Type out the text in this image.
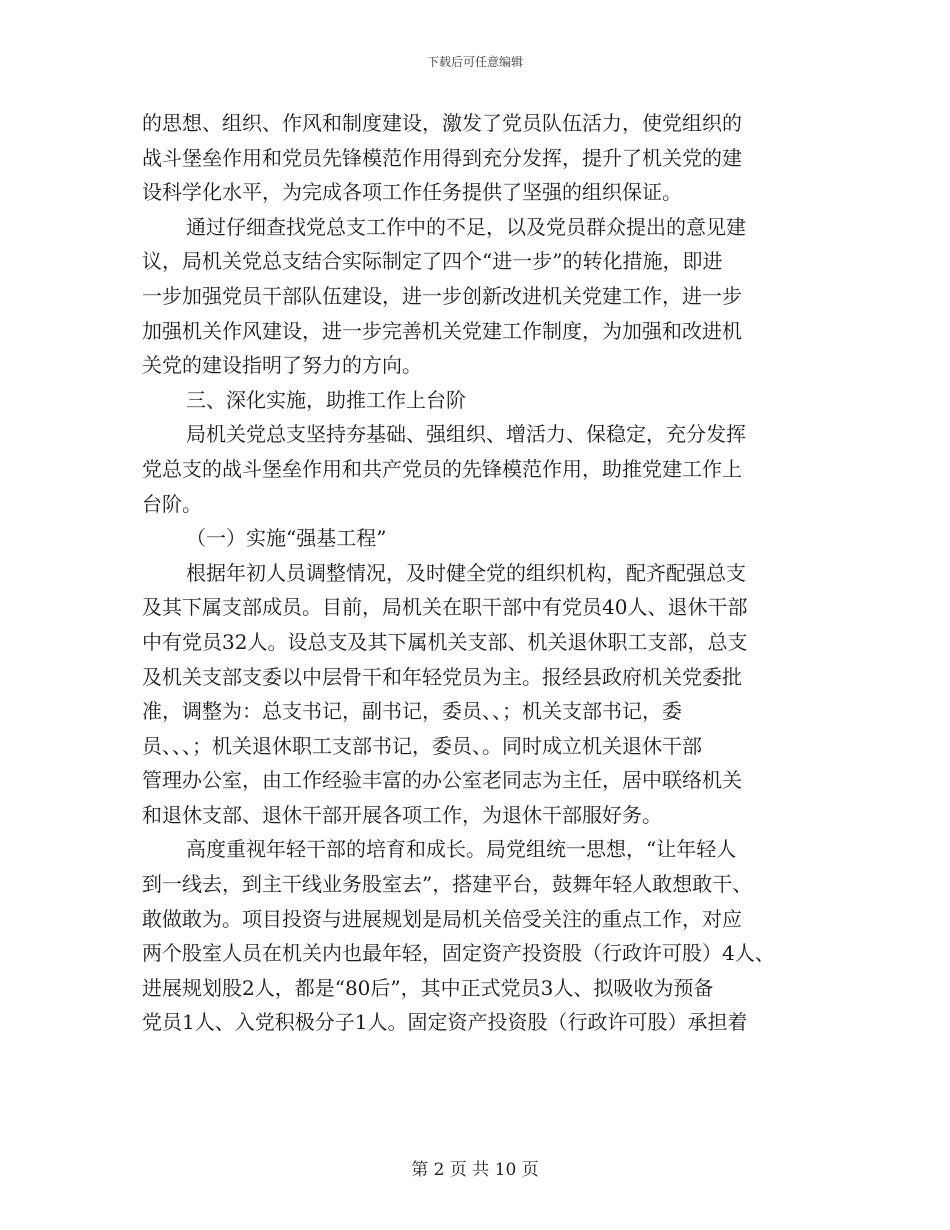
下载后可任意编辑
的思想、组织、作风和制度建设，激发了党员队伍活力，使党组织的
战斗堡垒作用和党员先锋模范作用得到充分发挥，提升了机关党的建
设科学化水平，为完成各项工作任务提供了坚强的组织保证。
通过仔细查找党总支工作中的不足，以及党员群众提出的意见建
议，局机关党总支结合实际制定了四个“进一步”的转化措施，即进
一步加强党员干部队伍建设，进一步创新改进机关党建工作，进一步
加强机关作风建设，进一步完善机关党建工作制度，为加强和改进机
关党的建设指明了努力的方向。
三、深化实施，助推工作上台阶
局机关党总支坚持夯基础、强组织、增活力、保稳定，充分发挥
党总支的战斗堡垒作用和共产党员的先锋模范作用，助推党建工作上
台阶。
（一）实施“强基工程”
根据年初人员调整情况，及时健全党的组织机构，配齐配强总支
及其下属支部成员。目前，局机关在职干部中有党员40人、退休干部
中有党员32人。设总支及其下属机关支部、机关退休职工支部，总支
及机关支部支委以中层骨干和年轻党员为主。报经县政府机关党委批
准，调整为：总支书记，副书记，委员、、；机关支部书记，委
员、、、；机关退休职工支部书记，委员、。同时成立机关退休干部
管理办公室，由工作经验丰富的办公室老同志为主任，居中联络机关
和退休支部、退休干部开展各项工作，为退休干部服好务。
高度重视年轻干部的培育和成长。局党组统一思想，“让年轻人
到一线去，到主干线业务股室去”，搭建平台，鼓舞年轻人敢想敢干、
敢做敢为。项目投资与进展规划是局机关倍受关注的重点工作，对应
两个股室人员在机关内也最年轻，固定资产投资股（行政许可股）4人、
进展规划股2人，都是“80后”，其中正式党员3人、拟吸收为预备
党员1人、入党积极分子1人。固定资产投资股（行政许可股）承担着
第 2 页 共 10 页
